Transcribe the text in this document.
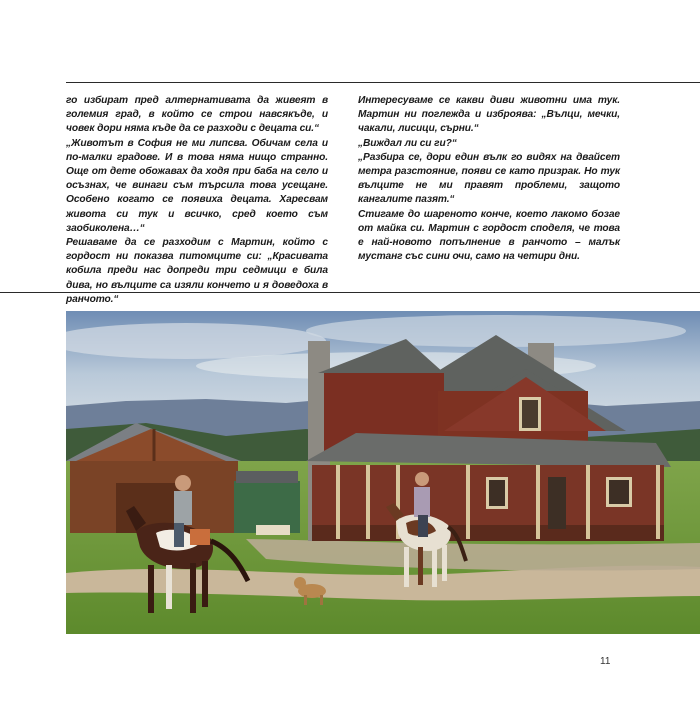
го избират пред алтернативата да живеят в големия град, в който се строи навсякъде, и човек дори няма къде да се разходи с децата си.“

„Животът в София не ми липсва. Обичам села и по-малки градове. И в това няма нищо странно. Още от дете обожавах да ходя при баба на село и осъзнах, че винаги съм търсила това усещане. Особено когато се появиха децата. Харесвам живота си тук и всичко, сред което съм заобиколена…“

Решаваме да се разходим с Мартин, който с гордост ни показва питомците си: „Красивата кобила преди нас допреди три седмици е била дива, но вълците са изяли кончето и я доведоха в ранчото.“

Интересуваме се какви диви животни има тук. Мартин ни поглежда и изброява: „Вълци, мечки, чакали, лисици, сърни.“

„Виждал ли си ги?“

„Разбира се, дори един вълк го видях на двайсет метра разстояние, появи се като призрак. Но тук вълците не ми правят проблеми, защото кангалите пазят.“

Стигаме до шареното конче, което лакомо бозае от майка си. Мартин с гордост споделя, че това е най-новото попълнение в ранчото – малък мустанг със сини очи, само на четири дни.

11
